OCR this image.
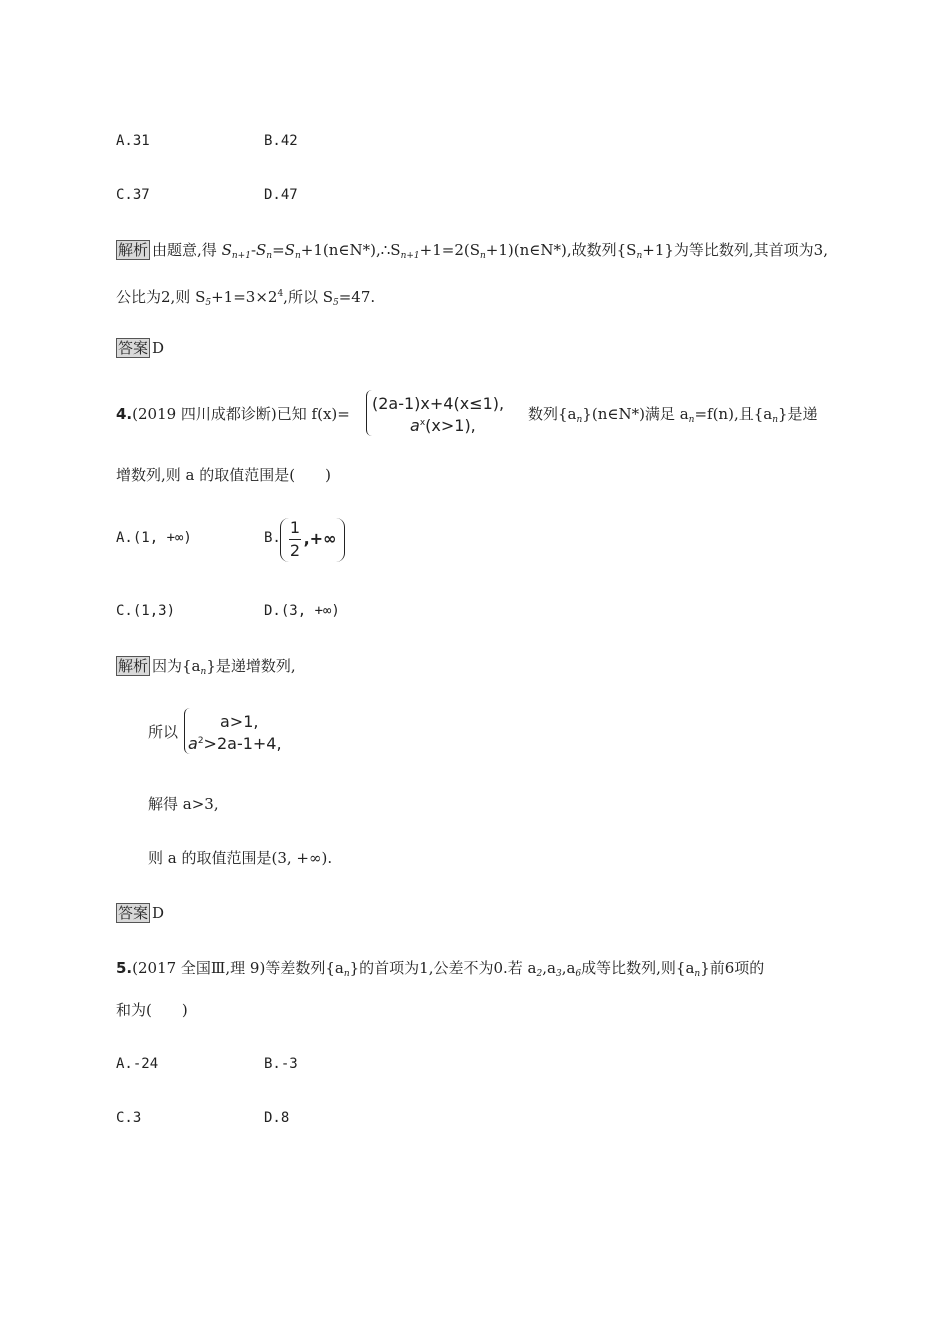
A.31	B.42
C.37	D.47
解析 由题意,得 $S_{n+1}-S_n=S_n+1(n\in N*),\therefore S_{n+1}+1=2(S_n+1)(n\in N*)$,故数列$\{S_n+1\}$为等比数列,其首项为3,
公比为2,则 $S_5+1=3\times 2^4$,所以 $S_5=47$.
答案 D
4.(2019 四川成都诊断)已知 f(x)=
(2a-1)x+4(x≤1),
$a^x(x>1)$,
数列$\{a_n\}(n\in N*)$满足 $a_n=f(n)$,且$\{a_n\}$是递
增数列,则 a 的取值范围是(　　)
A.(1, +∞)	B.
1
2
,+∞
C.(1,3)	D.(3, +∞)
解析 因为$\{a_n\}$是递增数列,
所以
a>1,
$a^2>2a-1+4$,
解得 a>3,
则 a 的取值范围是(3, +∞).
答案 D
5.(2017 全国Ⅲ,理 9)等差数列$\{a_n\}$的首项为1,公差不为0.若 $a_2,a_3,a_6$成等比数列,则$\{a_n\}$前6项的
和为(　　)
A.-24	B.-3
C.3	D.8
